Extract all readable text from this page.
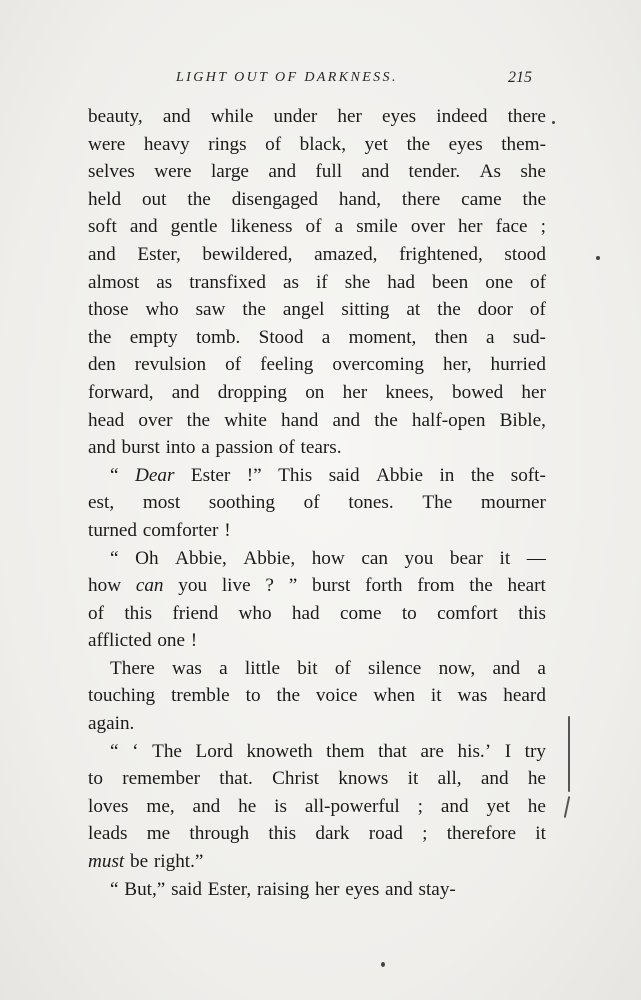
LIGHT OUT OF DARKNESS.	215
beauty, and while under her eyes indeed there
were heavy rings of black, yet the eyes them-
selves were large and full and tender. As she
held out the disengaged hand, there came the
soft and gentle likeness of a smile over her face ;
and Ester, bewildered, amazed, frightened, stood
almost as transfixed as if she had been one of
those who saw the angel sitting at the door of
the empty tomb. Stood a moment, then a sud-
den revulsion of feeling overcoming her, hurried
forward, and dropping on her knees, bowed her
head over the white hand and the half-open Bible,
and burst into a passion of tears.
“ Dear Ester !” This said Abbie in the soft-
est, most soothing of tones. The mourner
turned comforter !
“ Oh Abbie, Abbie, how can you bear it —
how can you live ? ” burst forth from the heart
of this friend who had come to comfort this
afflicted one !
There was a little bit of silence now, and a
touching tremble to the voice when it was heard
again.
“ ‘ The Lord knoweth them that are his.’ I try
to remember that. Christ knows it all, and he
loves me, and he is all-powerful ; and yet he
leads me through this dark road ; therefore it
must be right.”
“ But,” said Ester, raising her eyes and stay-
